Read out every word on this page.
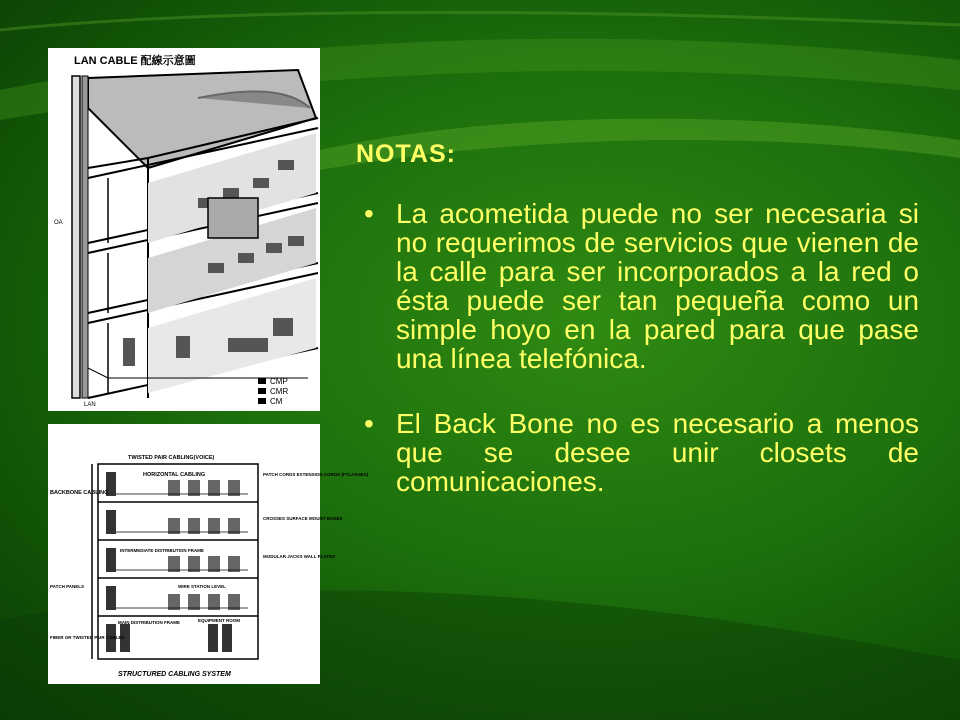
LAN CABLE 配線示意圖
CMP
CMR
CM
LAN
OA
TWISTED PAIR CABLING(VOICE)
HORIZONTAL CABLING
BACKBONE CABLING
PATCH CORDS EXTENSION CORDS (FTLASHES)
CROSSES SURFACE MOUNT BOXES
INTERMEDIATE DISTRIBUTION FRAME
MODULAR JACKS WALL PLATES
PATCH PANELS	WIRE STATION LEVEL
MAIN DISTRIBUTION FRAME	EQUIPMENT ROOM
FIBER OR TWISTED PAIR CABLES
STRUCTURED CABLING SYSTEM
NOTAS:
• La acometida puede no ser necesaria si no requerimos de servicios que vienen de la calle para ser incorporados a la red o ésta puede ser tan pequeña como un simple hoyo en la pared para que pase una línea telefónica.
• El Back Bone no es necesario a menos que se desee unir closets de comunicaciones.
